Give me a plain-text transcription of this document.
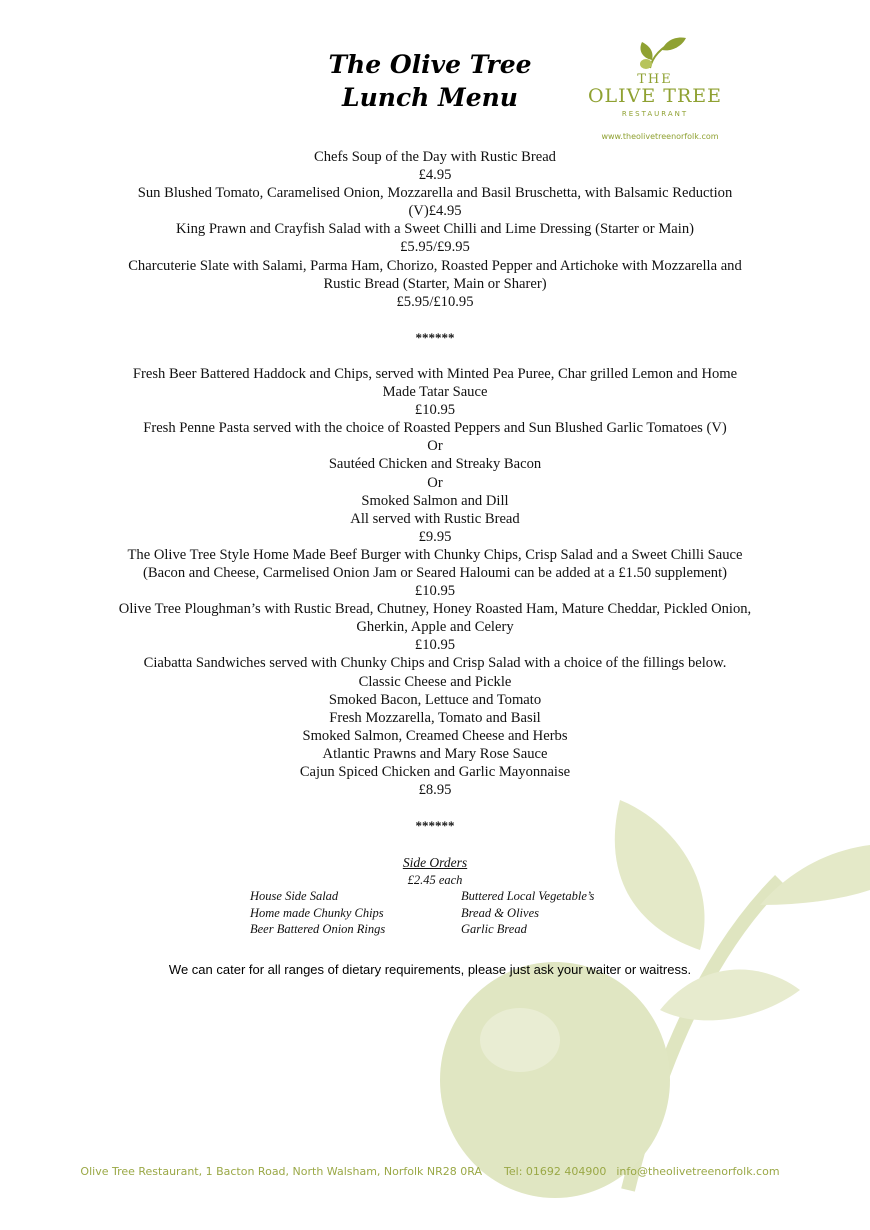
The Olive Tree
Lunch Menu
THE
OLIVE TREE
RESTAURANT
www.theolivetreenorfolk.com
Chefs Soup of the Day with Rustic Bread
£4.95
Sun Blushed Tomato, Caramelised Onion, Mozzarella and Basil Bruschetta, with Balsamic Reduction
(V)£4.95
King Prawn and Crayfish Salad with a Sweet Chilli and Lime Dressing (Starter or Main)
£5.95/£9.95
Charcuterie Slate with Salami, Parma Ham, Chorizo, Roasted Pepper and Artichoke with Mozzarella and
Rustic Bread (Starter, Main or Sharer)
£5.95/£10.95
******
Fresh Beer Battered Haddock and Chips, served with Minted Pea Puree, Char grilled Lemon and Home
Made Tatar Sauce
£10.95
Fresh Penne Pasta served with the choice of Roasted Peppers and Sun Blushed Garlic Tomatoes (V)
Or
Sautéed Chicken and Streaky Bacon
Or
Smoked Salmon and Dill
All served with Rustic Bread
£9.95
The Olive Tree Style Home Made Beef Burger with Chunky Chips, Crisp Salad and a Sweet Chilli Sauce
(Bacon and Cheese, Carmelised Onion Jam or Seared Haloumi can be added at a £1.50 supplement)
£10.95
Olive Tree Ploughman’s with Rustic Bread, Chutney, Honey Roasted Ham, Mature Cheddar, Pickled Onion,
Gherkin, Apple and Celery
£10.95
Ciabatta Sandwiches served with Chunky Chips and Crisp Salad with a choice of the fillings below.
Classic Cheese and Pickle
Smoked Bacon, Lettuce and Tomato
Fresh Mozzarella, Tomato and Basil
Smoked Salmon, Creamed Cheese and Herbs
Atlantic Prawns and Mary Rose Sauce
Cajun Spiced Chicken and Garlic Mayonnaise
£8.95
******
Side Orders
£2.45 each
House Side Salad
Home made Chunky Chips
Beer Battered Onion Rings
Buttered Local Vegetable’s
Bread & Olives
Garlic Bread
We can cater for all ranges of dietary requirements, please just ask your waiter or waitress.
Olive Tree Restaurant, 1 Bacton Road, North Walsham, Norfolk NR28 0RA Tel: 01692 404900 info@theolivetreenorfolk.com
